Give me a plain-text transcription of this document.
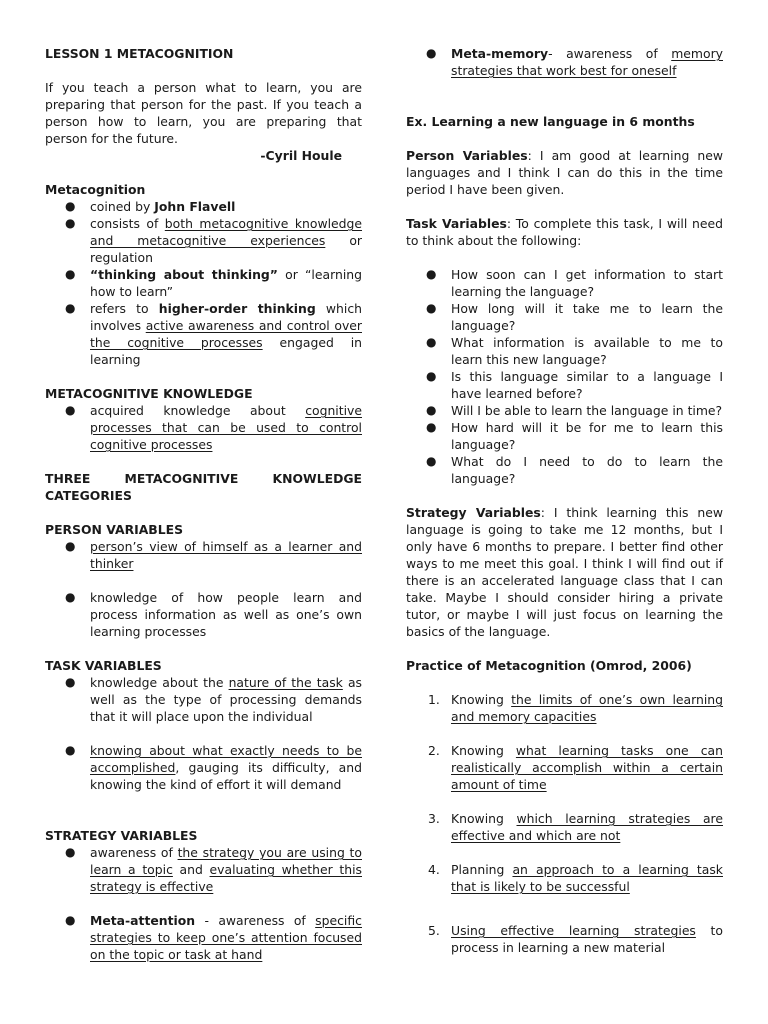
LESSON 1 METACOGNITION

If you teach a person what to learn, you are preparing that person for the past. If you teach a person how to learn, you are preparing that person for the future.

-Cyril Houle

Metacognition

● coined by John Flavell
● consists of both metacognitive knowledge and metacognitive experiences or regulation
● “thinking about thinking” or “learning how to learn”
● refers to higher-order thinking which involves active awareness and control over the cognitive processes engaged in learning

METACOGNITIVE KNOWLEDGE

● acquired knowledge about cognitive processes that can be used to control cognitive processes

THREE METACOGNITIVE KNOWLEDGE CATEGORIES

PERSON VARIABLES

● person’s view of himself as a learner and thinker
● knowledge of how people learn and process information as well as one’s own learning processes

TASK VARIABLES

● knowledge about the nature of the task as well as the type of processing demands that it will place upon the individual
● knowing about what exactly needs to be accomplished, gauging its difficulty, and knowing the kind of effort it will demand

STRATEGY VARIABLES

● awareness of the strategy you are using to learn a topic and evaluating whether this strategy is effective
● Meta-attention - awareness of specific strategies to keep one’s attention focused on the topic or task at hand
● Meta-memory- awareness of memory strategies that work best for oneself

Ex. Learning a new language in 6 months

Person Variables: I am good at learning new languages and I think I can do this in the time period I have been given.

Task Variables: To complete this task, I will need to think about the following:

● How soon can I get information to start learning the language?
● How long will it take me to learn the language?
● What information is available to me to learn this new language?
● Is this language similar to a language I have learned before?
● Will I be able to learn the language in time?
● How hard will it be for me to learn this language?
● What do I need to do to learn the language?

Strategy Variables: I think learning this new language is going to take me 12 months, but I only have 6 months to prepare. I better find other ways to me meet this goal. I think I will find out if there is an accelerated language class that I can take. Maybe I should consider hiring a private tutor, or maybe I will just focus on learning the basics of the language.

Practice of Metacognition (Omrod, 2006)

1. Knowing the limits of one’s own learning and memory capacities
2. Knowing what learning tasks one can realistically accomplish within a certain amount of time
3. Knowing which learning strategies are effective and which are not
4. Planning an approach to a learning task that is likely to be successful
5. Using effective learning strategies to process in learning a new material
